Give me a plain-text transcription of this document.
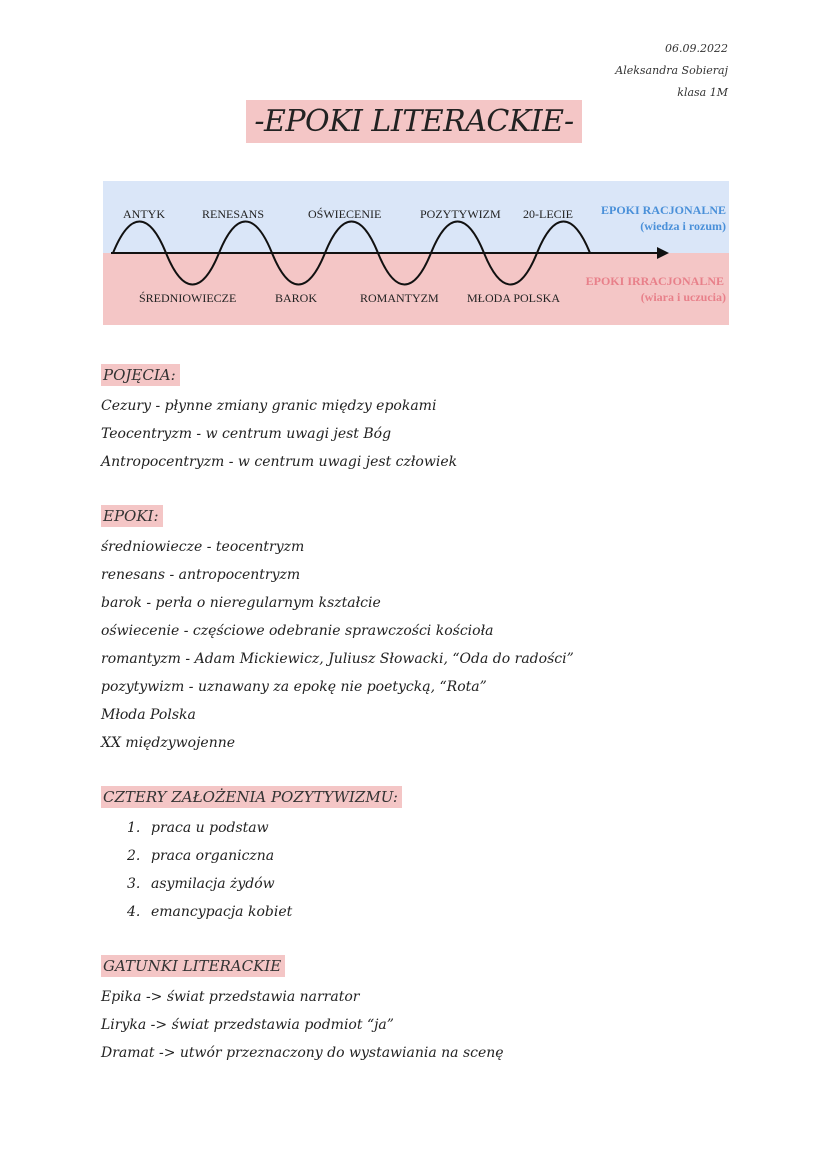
06.09.2022
Aleksandra Sobieraj
klasa 1M
-EPOKI LITERACKIE-
ANTYK	RENESANS	OŚWIECENIE	POZYTYWIZM 20-LECIE
ŚREDNIOWIECZE	BAROK	ROMANTYZM MŁODA POLSKA
EPOKI RACJONALNE
(wiedza i rozum)
EPOKI IRRACJONALNE
(wiara i uczucia)
POJĘCIA:
Cezury - płynne zmiany granic między epokami
Teocentryzm - w centrum uwagi jest Bóg
Antropocentryzm - w centrum uwagi jest człowiek
EPOKI:
średniowiecze - teocentryzm
renesans - antropocentryzm
barok - perła o nieregularnym kształcie
oświecenie - częściowe odebranie sprawczości kościoła
romantyzm - Adam Mickiewicz, Juliusz Słowacki, “Oda do radości”
pozytywizm - uznawany za epokę nie poetycką, “Rota”
Młoda Polska
XX międzywojenne
CZTERY ZAŁOŻENIA POZYTYWIZMU:
1. praca u podstaw
2. praca organiczna
3. asymilacja żydów
4. emancypacja kobiet
GATUNKI LITERACKIE
Epika -> świat przedstawia narrator
Liryka -> świat przedstawia podmiot “ja”
Dramat -> utwór przeznaczony do wystawiania na scenę
